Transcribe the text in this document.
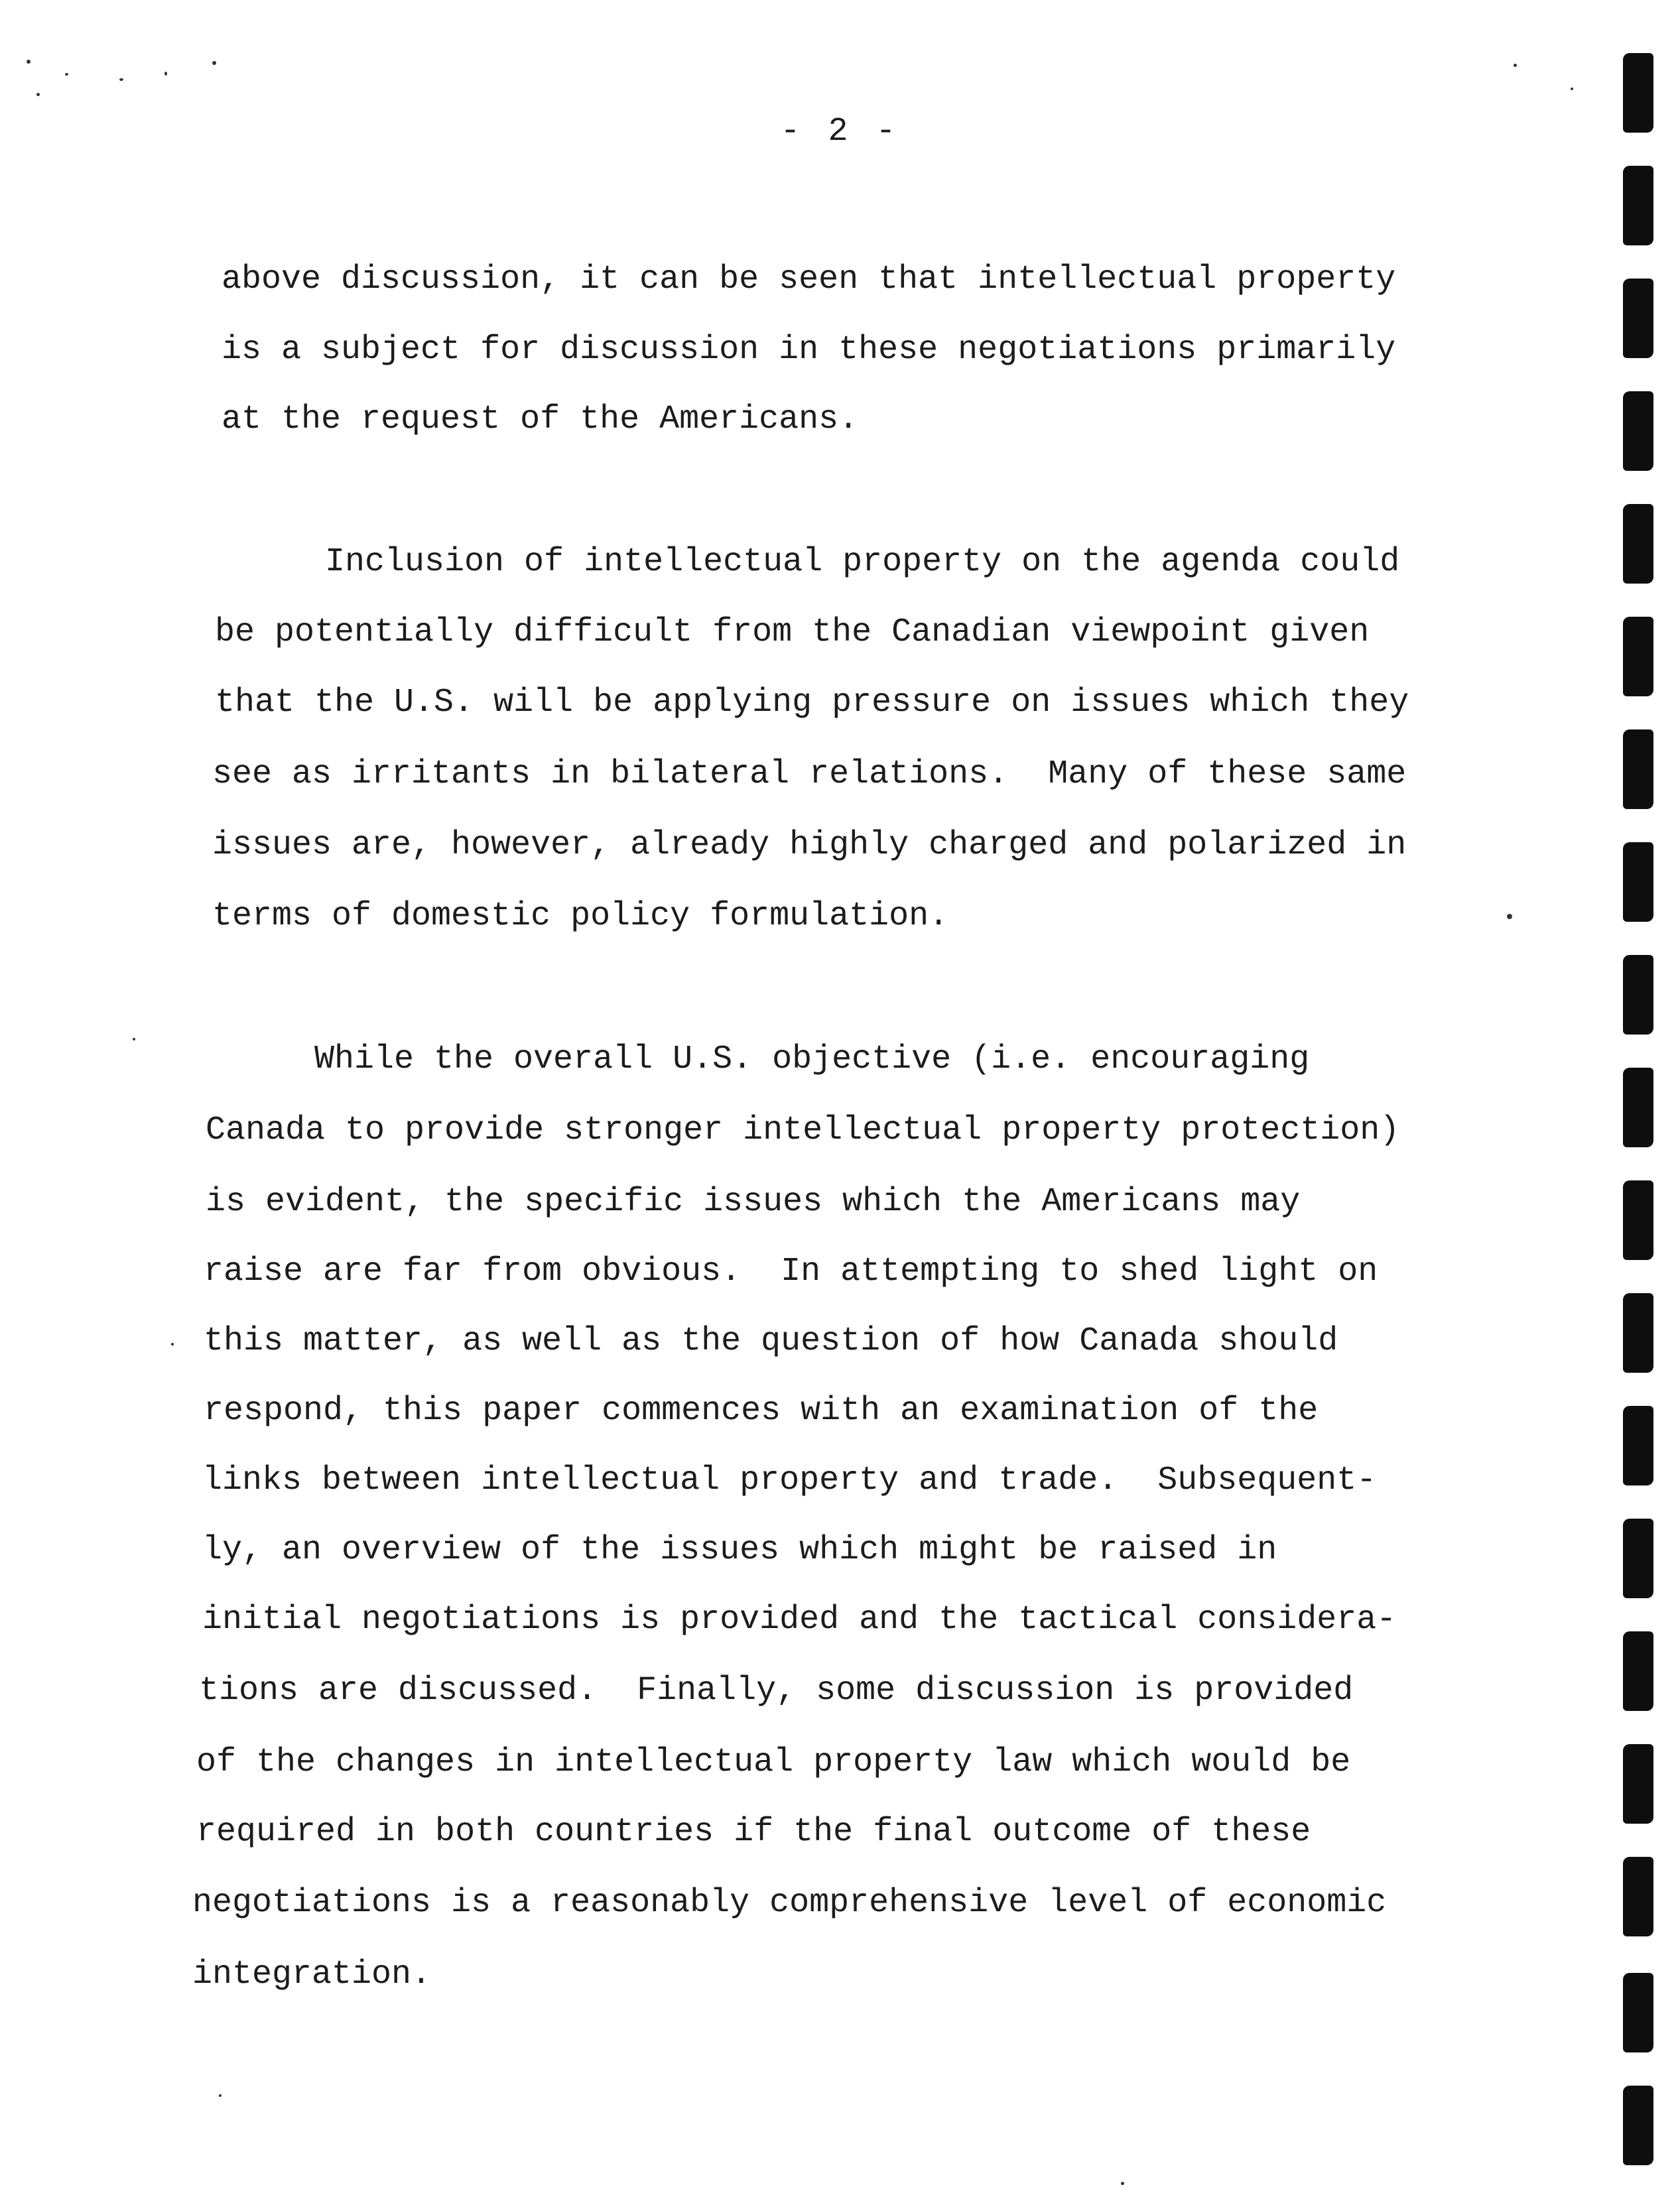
- 2 -
above discussion, it can be seen that intellectual property
is a subject for discussion in these negotiations primarily
at the request of the Americans.
Inclusion of intellectual property on the agenda could
be potentially difficult from the Canadian viewpoint given
that the U.S. will be applying pressure on issues which they
see as irritants in bilateral relations.  Many of these same
issues are, however, already highly charged and polarized in
terms of domestic policy formulation.
While the overall U.S. objective (i.e. encouraging
Canada to provide stronger intellectual property protection)
is evident, the specific issues which the Americans may
raise are far from obvious.  In attempting to shed light on
this matter, as well as the question of how Canada should
respond, this paper commences with an examination of the
links between intellectual property and trade.  Subsequent-
ly, an overview of the issues which might be raised in
initial negotiations is provided and the tactical considera-
tions are discussed.  Finally, some discussion is provided
of the changes in intellectual property law which would be
required in both countries if the final outcome of these
negotiations is a reasonably comprehensive level of economic
integration.
